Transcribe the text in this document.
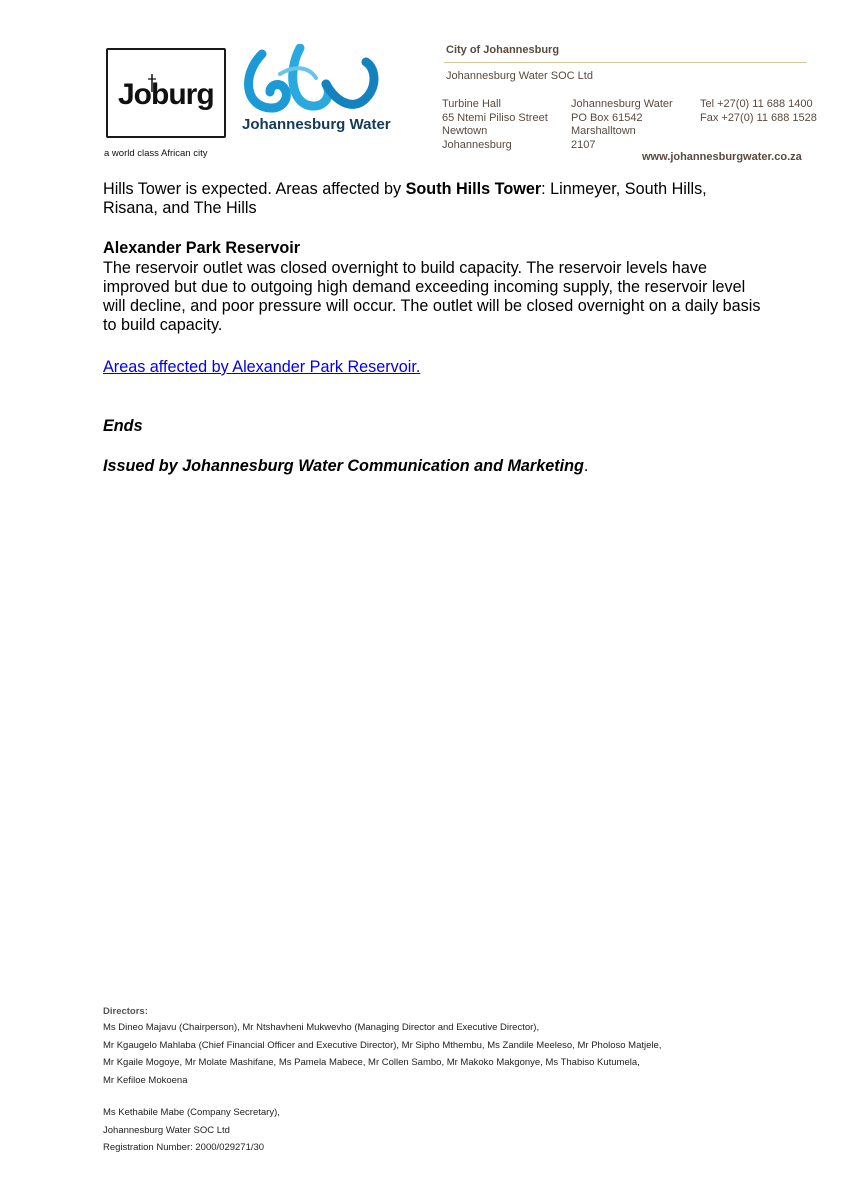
Joburg
a world class African city
Johannesburg Water
City of Johannesburg
Johannesburg Water SOC Ltd
Turbine Hall
65 Ntemi Piliso Street
Newtown
Johannesburg
Johannesburg Water
PO Box 61542
Marshalltown
2107
Tel +27(0) 11 688 1400
Fax +27(0) 11 688 1528
www.johannesburgwater.co.za
Hills Tower is expected. Areas affected by South Hills Tower: Linmeyer, South Hills, Risana, and The Hills
Alexander Park Reservoir
The reservoir outlet was closed overnight to build capacity. The reservoir levels have improved but due to outgoing high demand exceeding incoming supply, the reservoir level will decline, and poor pressure will occur. The outlet will be closed overnight on a daily basis to build capacity.
Areas affected by Alexander Park Reservoir.
Ends
Issued by Johannesburg Water Communication and Marketing.
Directors:
Ms Dineo Majavu (Chairperson), Mr Ntshavheni Mukwevho (Managing Director and Executive Director),
Mr Kgaugelo Mahlaba (Chief Financial Officer and Executive Director), Mr Sipho Mthembu, Ms Zandile Meeleso, Mr Pholoso Matjele,
Mr Kgaile Mogoye, Mr Molate Mashifane, Ms Pamela Mabece, Mr Collen Sambo, Mr Makoko Makgonye, Ms Thabiso Kutumela,
Mr Kefiloe Mokoena
Ms Kethabile Mabe (Company Secretary),
Johannesburg Water SOC Ltd
Registration Number: 2000/029271/30
